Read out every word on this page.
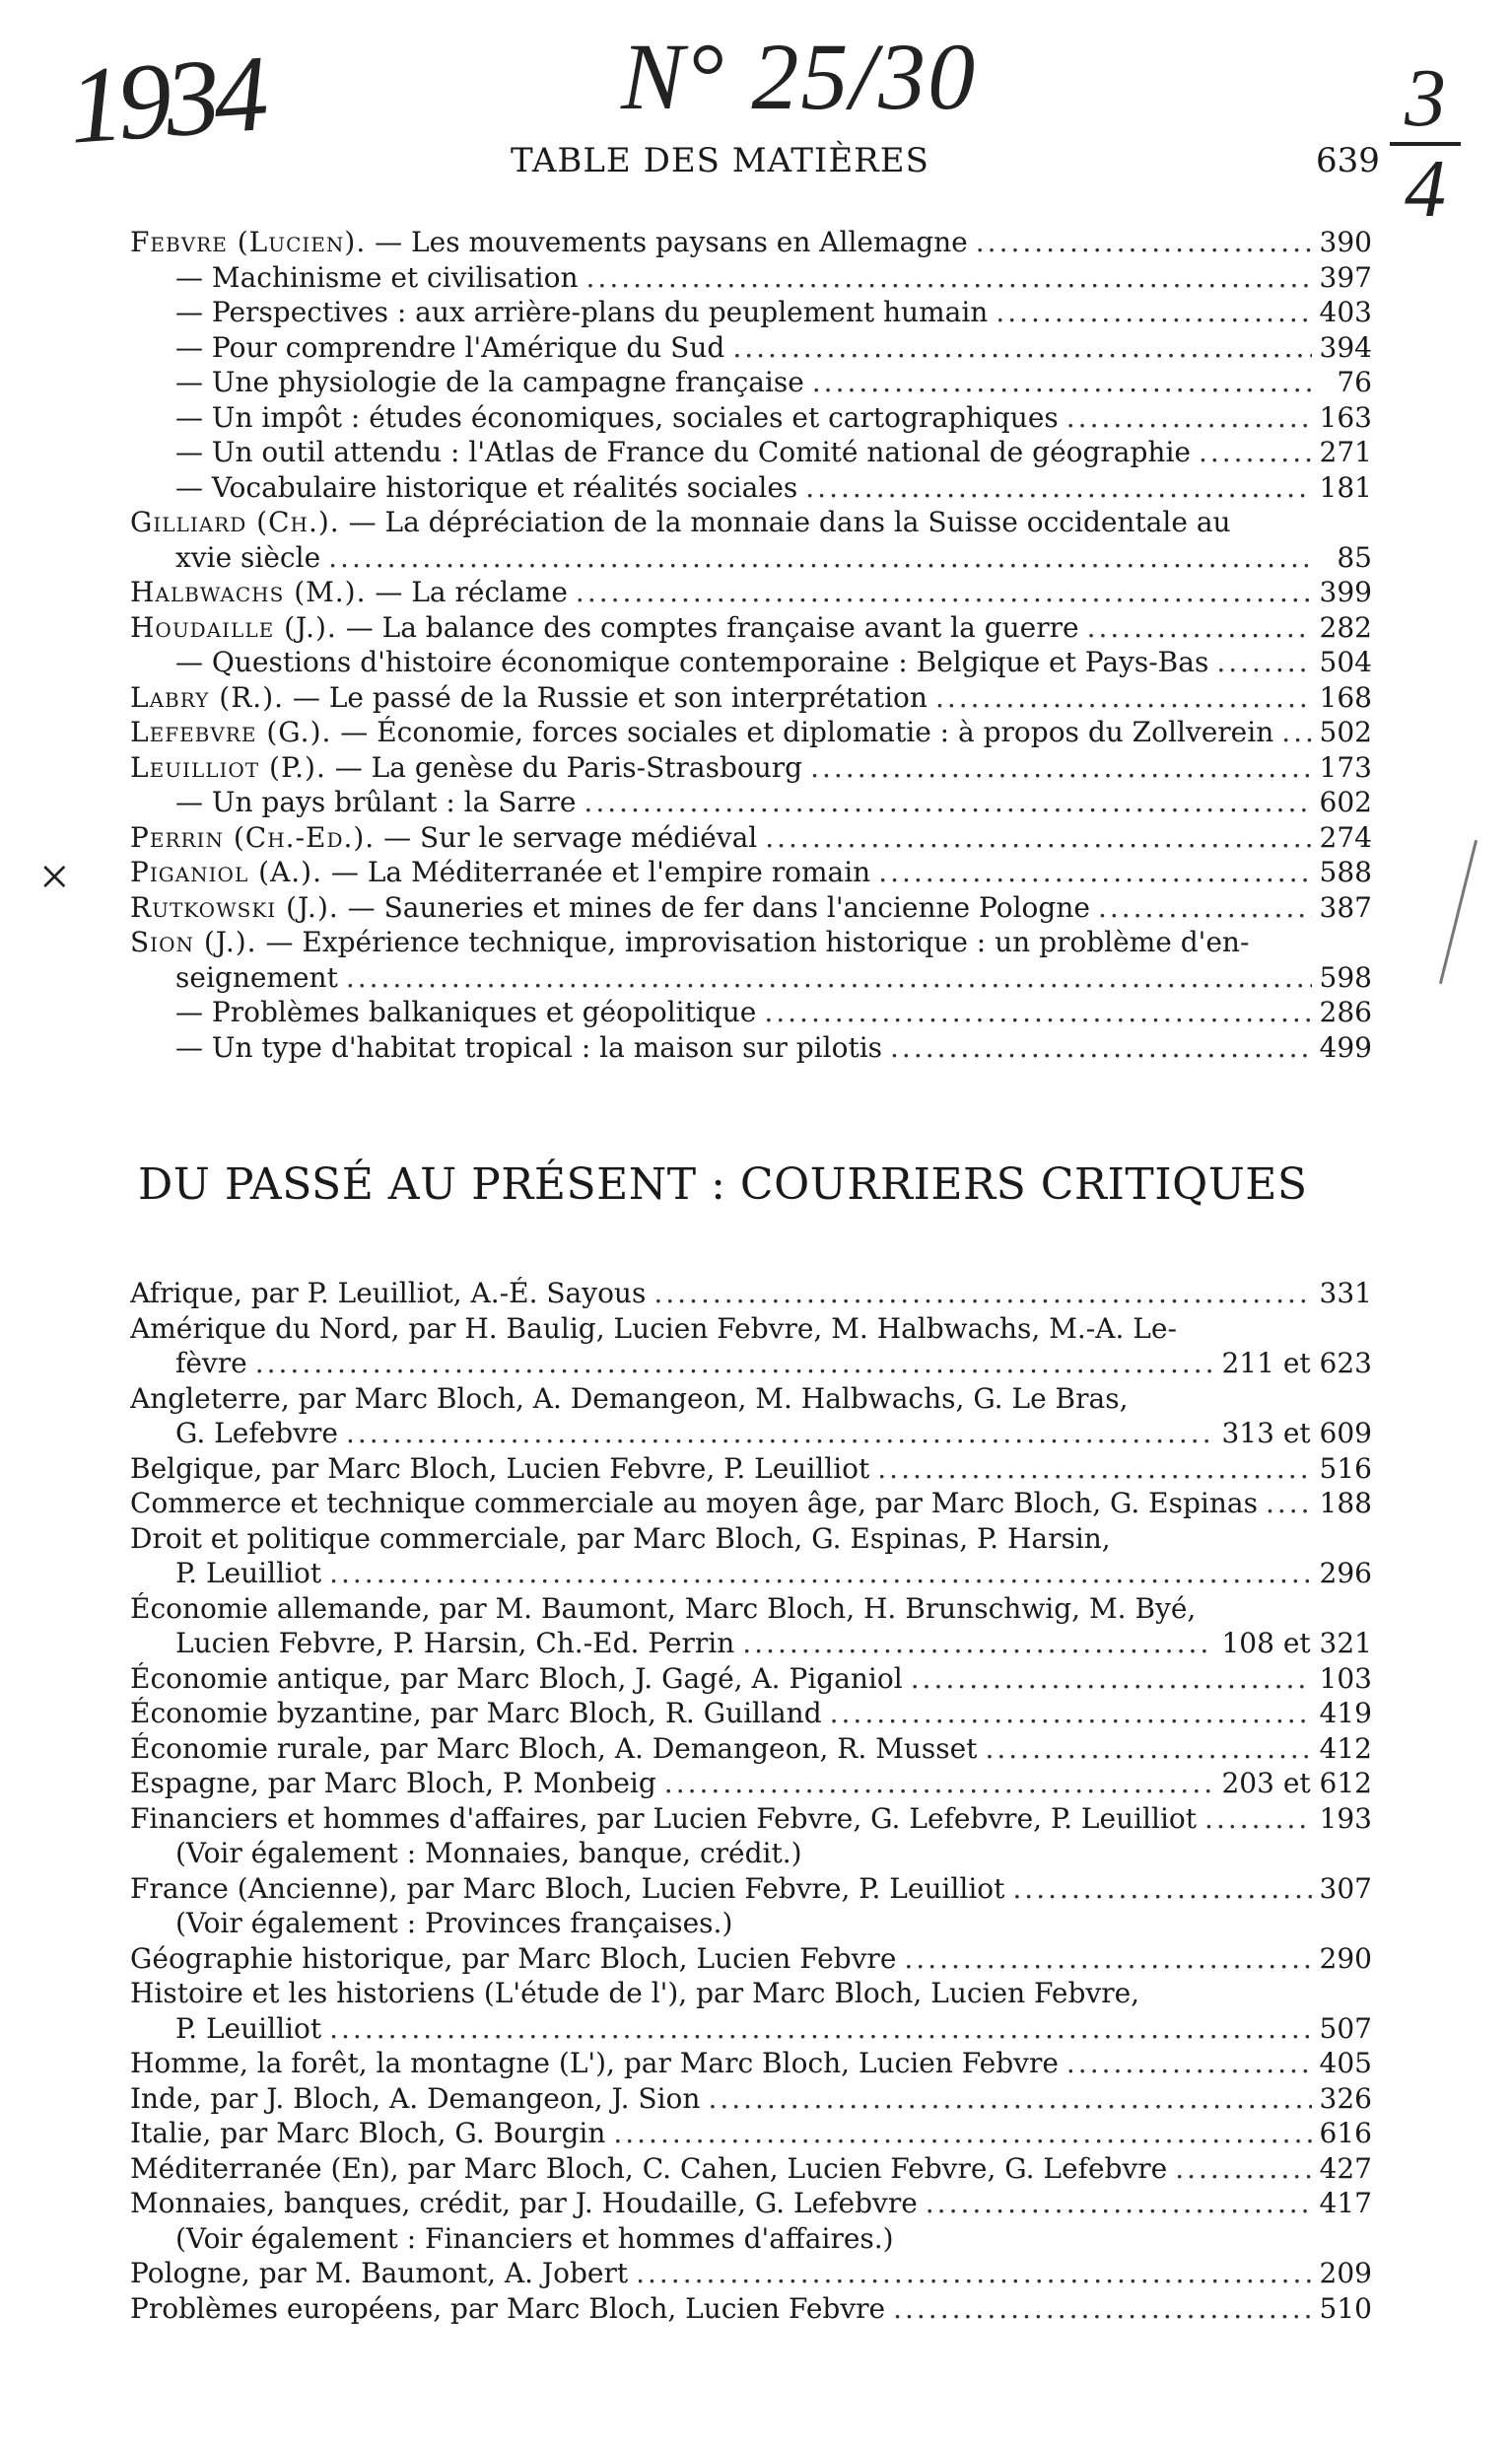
1934	N° 25/30	3
4
×
TABLE DES MATIÈRES	639
Febvre (Lucien). — Les mouvements paysans en Allemagne .....	390
— Machinisme et civilisation .....	397
— Perspectives : aux arrière-plans du peuplement humain .....	403
— Pour comprendre l'Amérique du Sud .....	394
— Une physiologie de la campagne française .....	76
— Un impôt : études économiques, sociales et cartographiques .....	163
— Un outil attendu : l'Atlas de France du Comité national de géographie .....	271
— Vocabulaire historique et réalités sociales .....	181
Gilliard (Ch.). — La dépréciation de la monnaie dans la Suisse occidentale au
xvie siècle .....	85
Halbwachs (M.). — La réclame .....	399
Houdaille (J.). — La balance des comptes française avant la guerre .....	282
— Questions d'histoire économique contemporaine : Belgique et Pays-Bas .....	504
Labry (R.). — Le passé de la Russie et son interprétation .....	168
Lefebvre (G.). — Économie, forces sociales et diplomatie : à propos du Zollverein ..... 502
Leuilliot (P.). — La genèse du Paris-Strasbourg .....	173
— Un pays brûlant : la Sarre .....	602
Perrin (Ch.-Ed.). — Sur le servage médiéval .....	274
Piganiol (A.). — La Méditerranée et l'empire romain .....	588
Rutkowski (J.). — Sauneries et mines de fer dans l'ancienne Pologne .....	387
Sion (J.). — Expérience technique, improvisation historique : un problème d'en-
seignement .....	598
— Problèmes balkaniques et géopolitique .....	286
— Un type d'habitat tropical : la maison sur pilotis .....	499
DU PASSÉ AU PRÉSENT : COURRIERS CRITIQUES
Afrique, par P. Leuilliot, A.-É. Sayous .....	331
Amérique du Nord, par H. Baulig, Lucien Febvre, M. Halbwachs, M.-A. Le-
fèvre .....	211 et 623
Angleterre, par Marc Bloch, A. Demangeon, M. Halbwachs, G. Le Bras,
G. Lefebvre .....	313 et 609
Belgique, par Marc Bloch, Lucien Febvre, P. Leuilliot .....	516
Commerce et technique commerciale au moyen âge, par Marc Bloch, G. Espinas ..... 188
Droit et politique commerciale, par Marc Bloch, G. Espinas, P. Harsin,
P. Leuilliot .....	296
Économie allemande, par M. Baumont, Marc Bloch, H. Brunschwig, M. Byé,
Lucien Febvre, P. Harsin, Ch.-Ed. Perrin .....	108 et 321
Économie antique, par Marc Bloch, J. Gagé, A. Piganiol .....	103
Économie byzantine, par Marc Bloch, R. Guilland .....	419
Économie rurale, par Marc Bloch, A. Demangeon, R. Musset .....	412
Espagne, par Marc Bloch, P. Monbeig .....	203 et 612
Financiers et hommes d'affaires, par Lucien Febvre, G. Lefebvre, P. Leuilliot .....	193
(Voir également : Monnaies, banque, crédit.)
France (Ancienne), par Marc Bloch, Lucien Febvre, P. Leuilliot .....	307
(Voir également : Provinces françaises.)
Géographie historique, par Marc Bloch, Lucien Febvre .....	290
Histoire et les historiens (L'étude de l'), par Marc Bloch, Lucien Febvre,
P. Leuilliot .....	507
Homme, la forêt, la montagne (L'), par Marc Bloch, Lucien Febvre .....	405
Inde, par J. Bloch, A. Demangeon, J. Sion .....	326
Italie, par Marc Bloch, G. Bourgin .....	616
Méditerranée (En), par Marc Bloch, C. Cahen, Lucien Febvre, G. Lefebvre .....	427
Monnaies, banques, crédit, par J. Houdaille, G. Lefebvre .....	417
(Voir également : Financiers et hommes d'affaires.)
Pologne, par M. Baumont, A. Jobert .....	209
Problèmes européens, par Marc Bloch, Lucien Febvre .....	510
